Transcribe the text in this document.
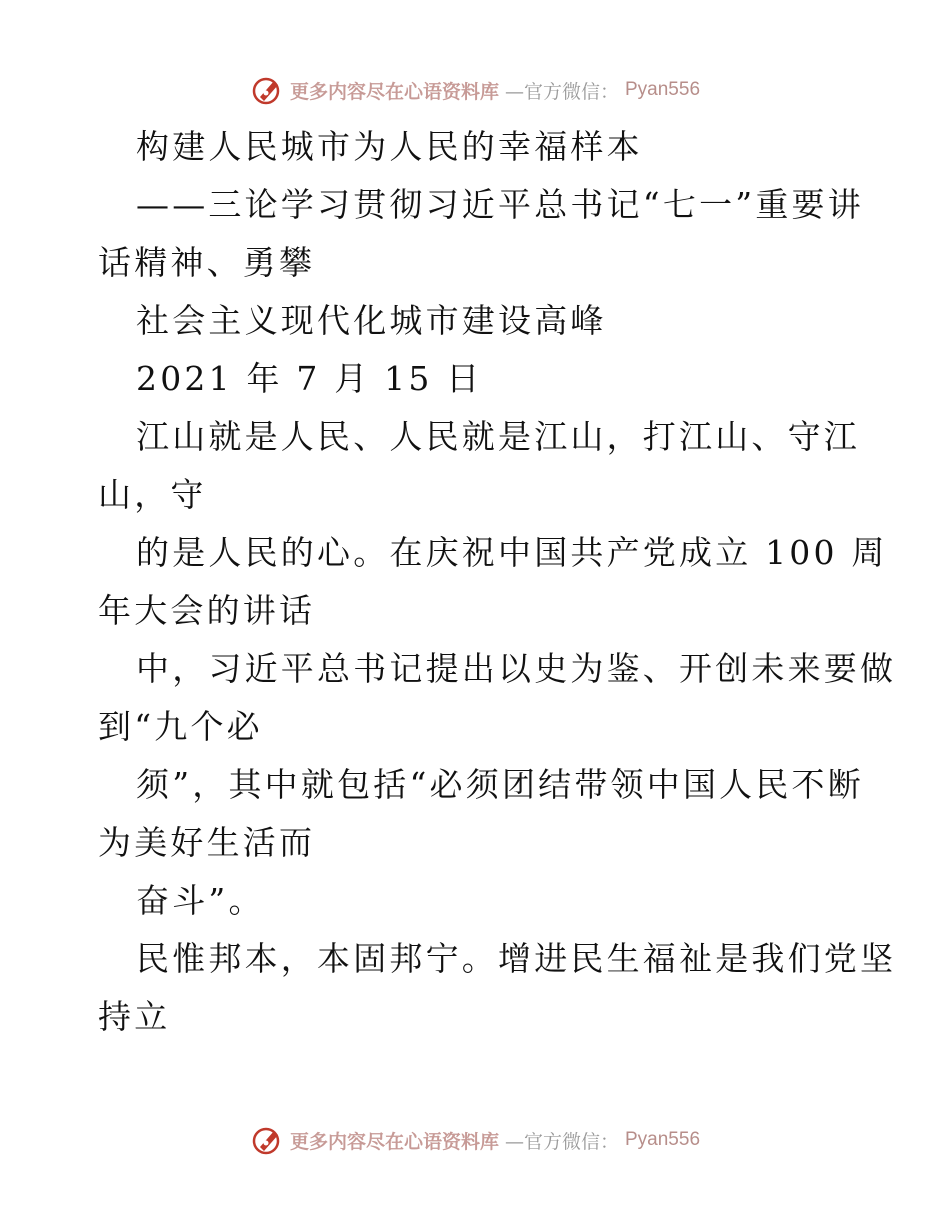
更多内容尽在心语资料库 —官方微信： Pyan556
构建人民城市为人民的幸福样本
——三论学习贯彻习近平总书记“七一”重要讲
话精神、勇攀
社会主义现代化城市建设高峰
2021 年 7 月 15 日
江山就是人民、人民就是江山，打江山、守江
山，守
的是人民的心。在庆祝中国共产党成立 100 周
年大会的讲话
中，习近平总书记提出以史为鉴、开创未来要做
到“九个必
须”，其中就包括“必须团结带领中国人民不断
为美好生活而
奋斗”。
民惟邦本，本固邦宁。增进民生福祉是我们党坚
持立
更多内容尽在心语资料库 —官方微信： Pyan556
